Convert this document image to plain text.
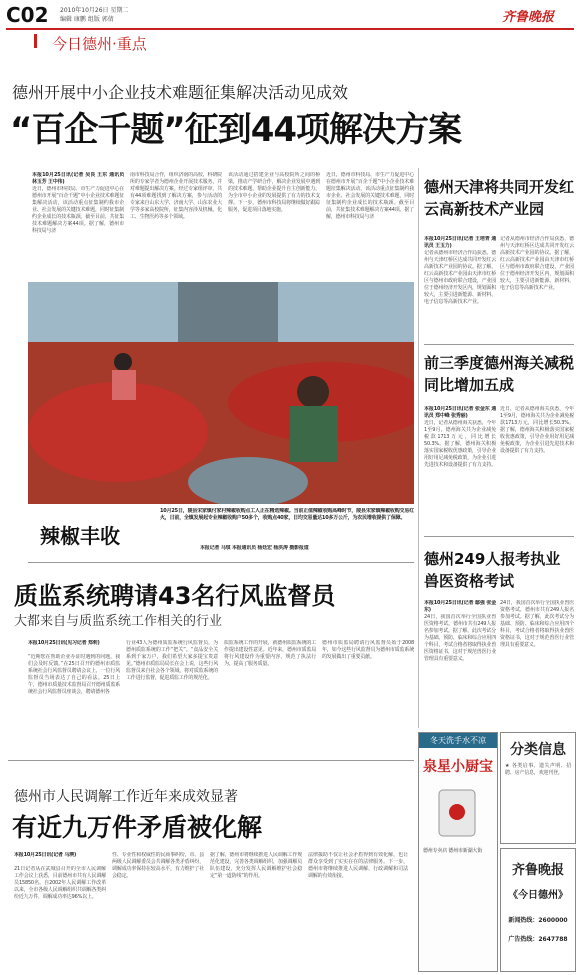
C02 2010年10月26日 星期二
编辑 康鹏 组版 郭倩	齐鲁晚报
今日德州·重点
德州开展中小企业技术难题征集解决活动见成效
“百企千题”征到44项解决方案
本报10月25日讯(记者 吴良 王东 通讯员 林玉芳 王中伟)
近日，德州市科技局、市生产力促进中心在德州市开展“百企千题”中小企业技术难题征集解决活动，该活动重点征集制约我市企业、社会发展的关键技术难题，同时征集制约企业成长的技术瓶颈。截至目前，共征集技术难题解决方案44项。据了解，德州市科技局与济
南市科技局合作，组织济南的高校、科研院所的专家学者为德州企业开展技术服务，并对难题提出解决方案。经过专家组评审，共有44项难题找到了解决方案，参与活动的专家来自山东大学、济南大学、山东农业大学等多家高校院所，征集内容涉及机械、化工、生物医药等多个领域。
该活动通过搭建企业与高校院所之间的桥梁，推动产学研合作，解决企业发展中遇到的技术难题，帮助企业提升自主创新能力，为全市中小企业的发展提供了有力的技术支撑。下一步，德州市科技局将继续做好跟踪服务，促进项目落地实施。
近日，德州市科技局、市生产力促进中心在德州市开展“百企千题”中小企业技术难题征集解决活动，该活动重点征集制约我市企业、社会发展的关键技术难题，同时征集制约企业成长的技术瓶颈。截至目前，共征集技术难题解决方案44项。据了解，德州市科技局与济
辣椒丰收
10月25日，陵县宋家镇付家村辣椒收购点工人正在精选辣椒。当前正值辣椒收购高峰时节，陵县宋家镇辣椒收购交易红火，日前，全镇发展起专业辣椒收购户50多个，收购点40家，日均交易量达10多万公斤，为农民增收提供了保障。
本报记者 马琪 本报通讯员 杨廷宏 杨洪涛 摄影报道
质监系统聘请43名行风监督员
大都来自与质监系统工作相关的行业
本报10月25日讯(见习记者 郑莉)
“近期您在帮助企业办证时遇到的问题，我们会及时反馈。”在25日召开的德州市质监系统社会行风监督员聘请会议上，一位行风监督员当场表达了自己的看法。25日上午，德州市质量技术监督局召开德州质监系统社会行风监督员座谈会，聘请德州各
行业43人为德州质监系统行风监督员，为德州质监系统的工作“把关”。“食品安全关系到千家万户，我们希望大家多提宝贵意见。”德州市质监局局长在会上说，这些行风监督员来自社会各个领域，将对质监系统的工作进行监督，促进质监工作的规范化。
质监系统工作的开展，就德州质监系统的工作提出建设性意见。近年来，德州市质监局将行风建设作为重要内容，规范了执法行为，提高了服务质量。
德州市质监局聘请行风监督员始于2008年，如今这些行风监督员为德州市质监系统的发展做出了重要贡献。
德州市人民调解工作近年来成效显著
有近九万件矛盾被化解
本报10月25日讯(记者 马瑛)
21日记者从在武城县召开的全市人民调解工作会议上获悉，目前德州市共有人民调解员15850名。自2002年人民调解工作改革以来，全市各级人民调解组织共调解各类纠纷近九万件，调解成功率达96%以上。
性、专业性和权威性的民商事纠纷，市、县两级人民调解委员会共调解各类矛盾纠纷，调解成功率保持在较高水平，有力维护了社会稳定。
据了解，德州市将继续推进人民调解工作规范化建设，完善各类调解组织，加强调解员队伍建设，充分发挥人民调解维护社会稳定“第一道防线”的作用。
法律援助不仅让社会矛盾得到有效化解，也让群众享受到了实实在在的法律服务。下一步，德州市将继续推进人民调解、行政调解和司法调解的有效衔接。
德州天津将共同开发红云高新技术产业园
本报10月25日讯(记者 王培青 通讯员 王玉力)
记者从德州市经济合作局获悉，德州与天津红桥区达成共同开发红云高新技术产业园的协议。据了解，红云高新技术产业园由天津市红桥区与德州市政府联合建设，产业园位于德州经济开发区内，规划面积较大，主要引进新能源、新材料、电子信息等高新技术产业。
记者从德州市经济合作局获悉，德州与天津红桥区达成共同开发红云高新技术产业园的协议。据了解，红云高新技术产业园由天津市红桥区与德州市政府联合建设，产业园位于德州经济开发区内，规划面积较大，主要引进新能源、新材料、电子信息等高新技术产业。
前三季度德州海关减税同比增加五成
本报10月25日讯(记者 张金东 通讯员 郑中峰 张秀丽)
近日，记者从德州海关获悉，今年1至9月，德州海关共为企业减免税款1713万元，同比增长50.3%。据了解，德州海关积极落实国家税收优惠政策，引导企业用好用足减免税政策，为企业引进先进技术和设备提供了有力支持。
近日，记者从德州海关获悉，今年1至9月，德州海关共为企业减免税款1713万元，同比增长50.3%。据了解，德州海关积极落实国家税收优惠政策，引导企业用好用足减免税政策，为企业引进先进技术和设备提供了有力支持。
德州249人报考执业兽医资格考试
本报10月25日讯(记者 鄢强 张金东)
24日，我国首次举行全国执业兽医资格考试，德州市共有249人报名参加考试。据了解，此次考试分为基础、预防、临床和综合应用四个科目，考试合格者将取得执业兽医资格证书，这对于规范兽医行业管理具有重要意义。
24日，我国首次举行全国执业兽医资格考试，德州市共有249人报名参加考试。据了解，此次考试分为基础、预防、临床和综合应用四个科目，考试合格者将取得执业兽医资格证书，这对于规范兽医行业管理具有重要意义。
冬天洗手水不凉
泉星小厨宝
德州专卖店 德州市新湖大街
分类信息
★ 各类启事、遗失声明、招聘、房产信息，欢迎刊登。
齐鲁晚报
《今日德州》
新闻热线：2600000
广告热线：2647788
